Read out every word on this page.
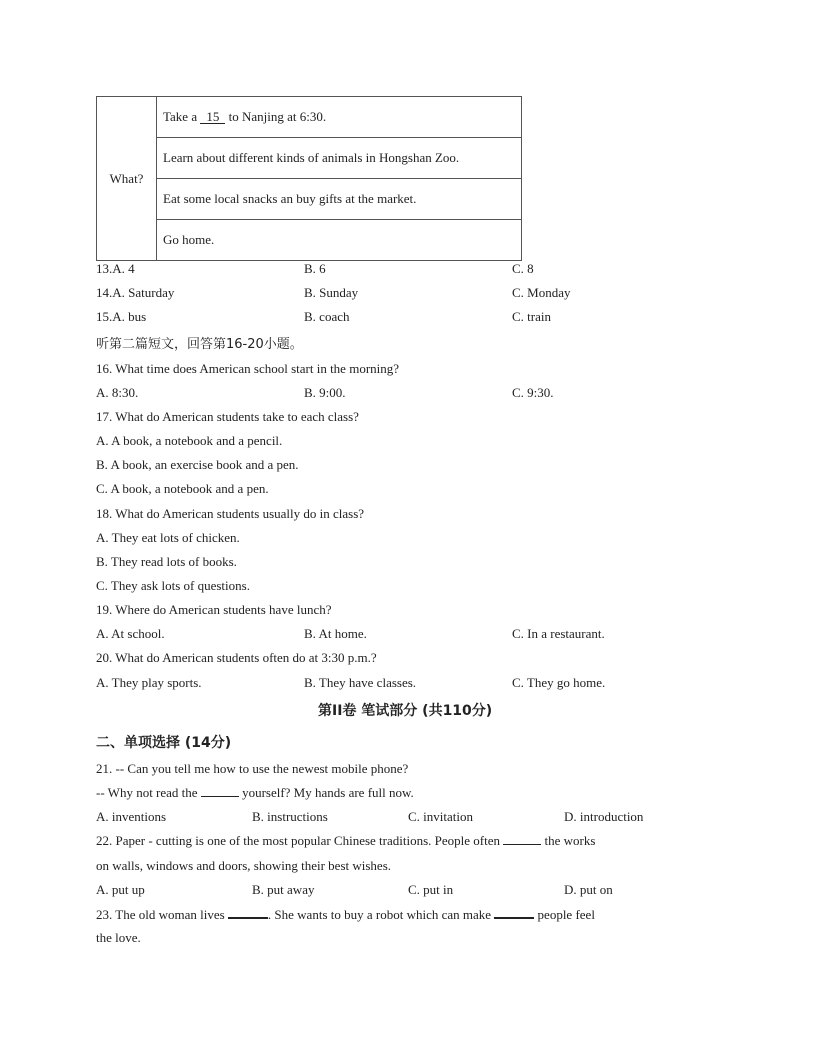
What?	Take a 15 to Nanjing at 6:30.
Learn about different kinds of animals in Hongshan Zoo.
Eat some local snacks an buy gifts at the market.
Go home.
13.A. 4	B. 6	C. 8
14.A. Saturday	B. Sunday	C. Monday
15.A. bus	B. coach	C. train
听第二篇短文，回答第16-20小题。
16. What time does American school start in the morning?
A. 8:30.	B. 9:00.	C. 9:30.
17. What do American students take to each class?
A. A book, a notebook and a pencil.
B. A book, an exercise book and a pen.
C. A book, a notebook and a pen.
18. What do American students usually do in class?
A. They eat lots of chicken.
B. They read lots of books.
C. They ask lots of questions.
19. Where do American students have lunch?
A. At school.	B. At home.	C. In a restaurant.
20. What do American students often do at 3:30 p.m.?
A. They play sports.	B. They have classes.	C. They go home.
第II卷 笔试部分 (共110分)
二、单项选择 (14分)
21. -- Can you tell me how to use the newest mobile phone?
-- Why not read the	yourself? My hands are full now.
A. inventions	B. instructions	C. invitation	D. introduction
22. Paper - cutting is one of the most popular Chinese traditions. People often	the works
on walls, windows and doors, showing their best wishes.
A. put up	B. put away	C. put in	D. put on
23. The old woman lives	. She wants to buy a robot which can make	people feel
the love.
